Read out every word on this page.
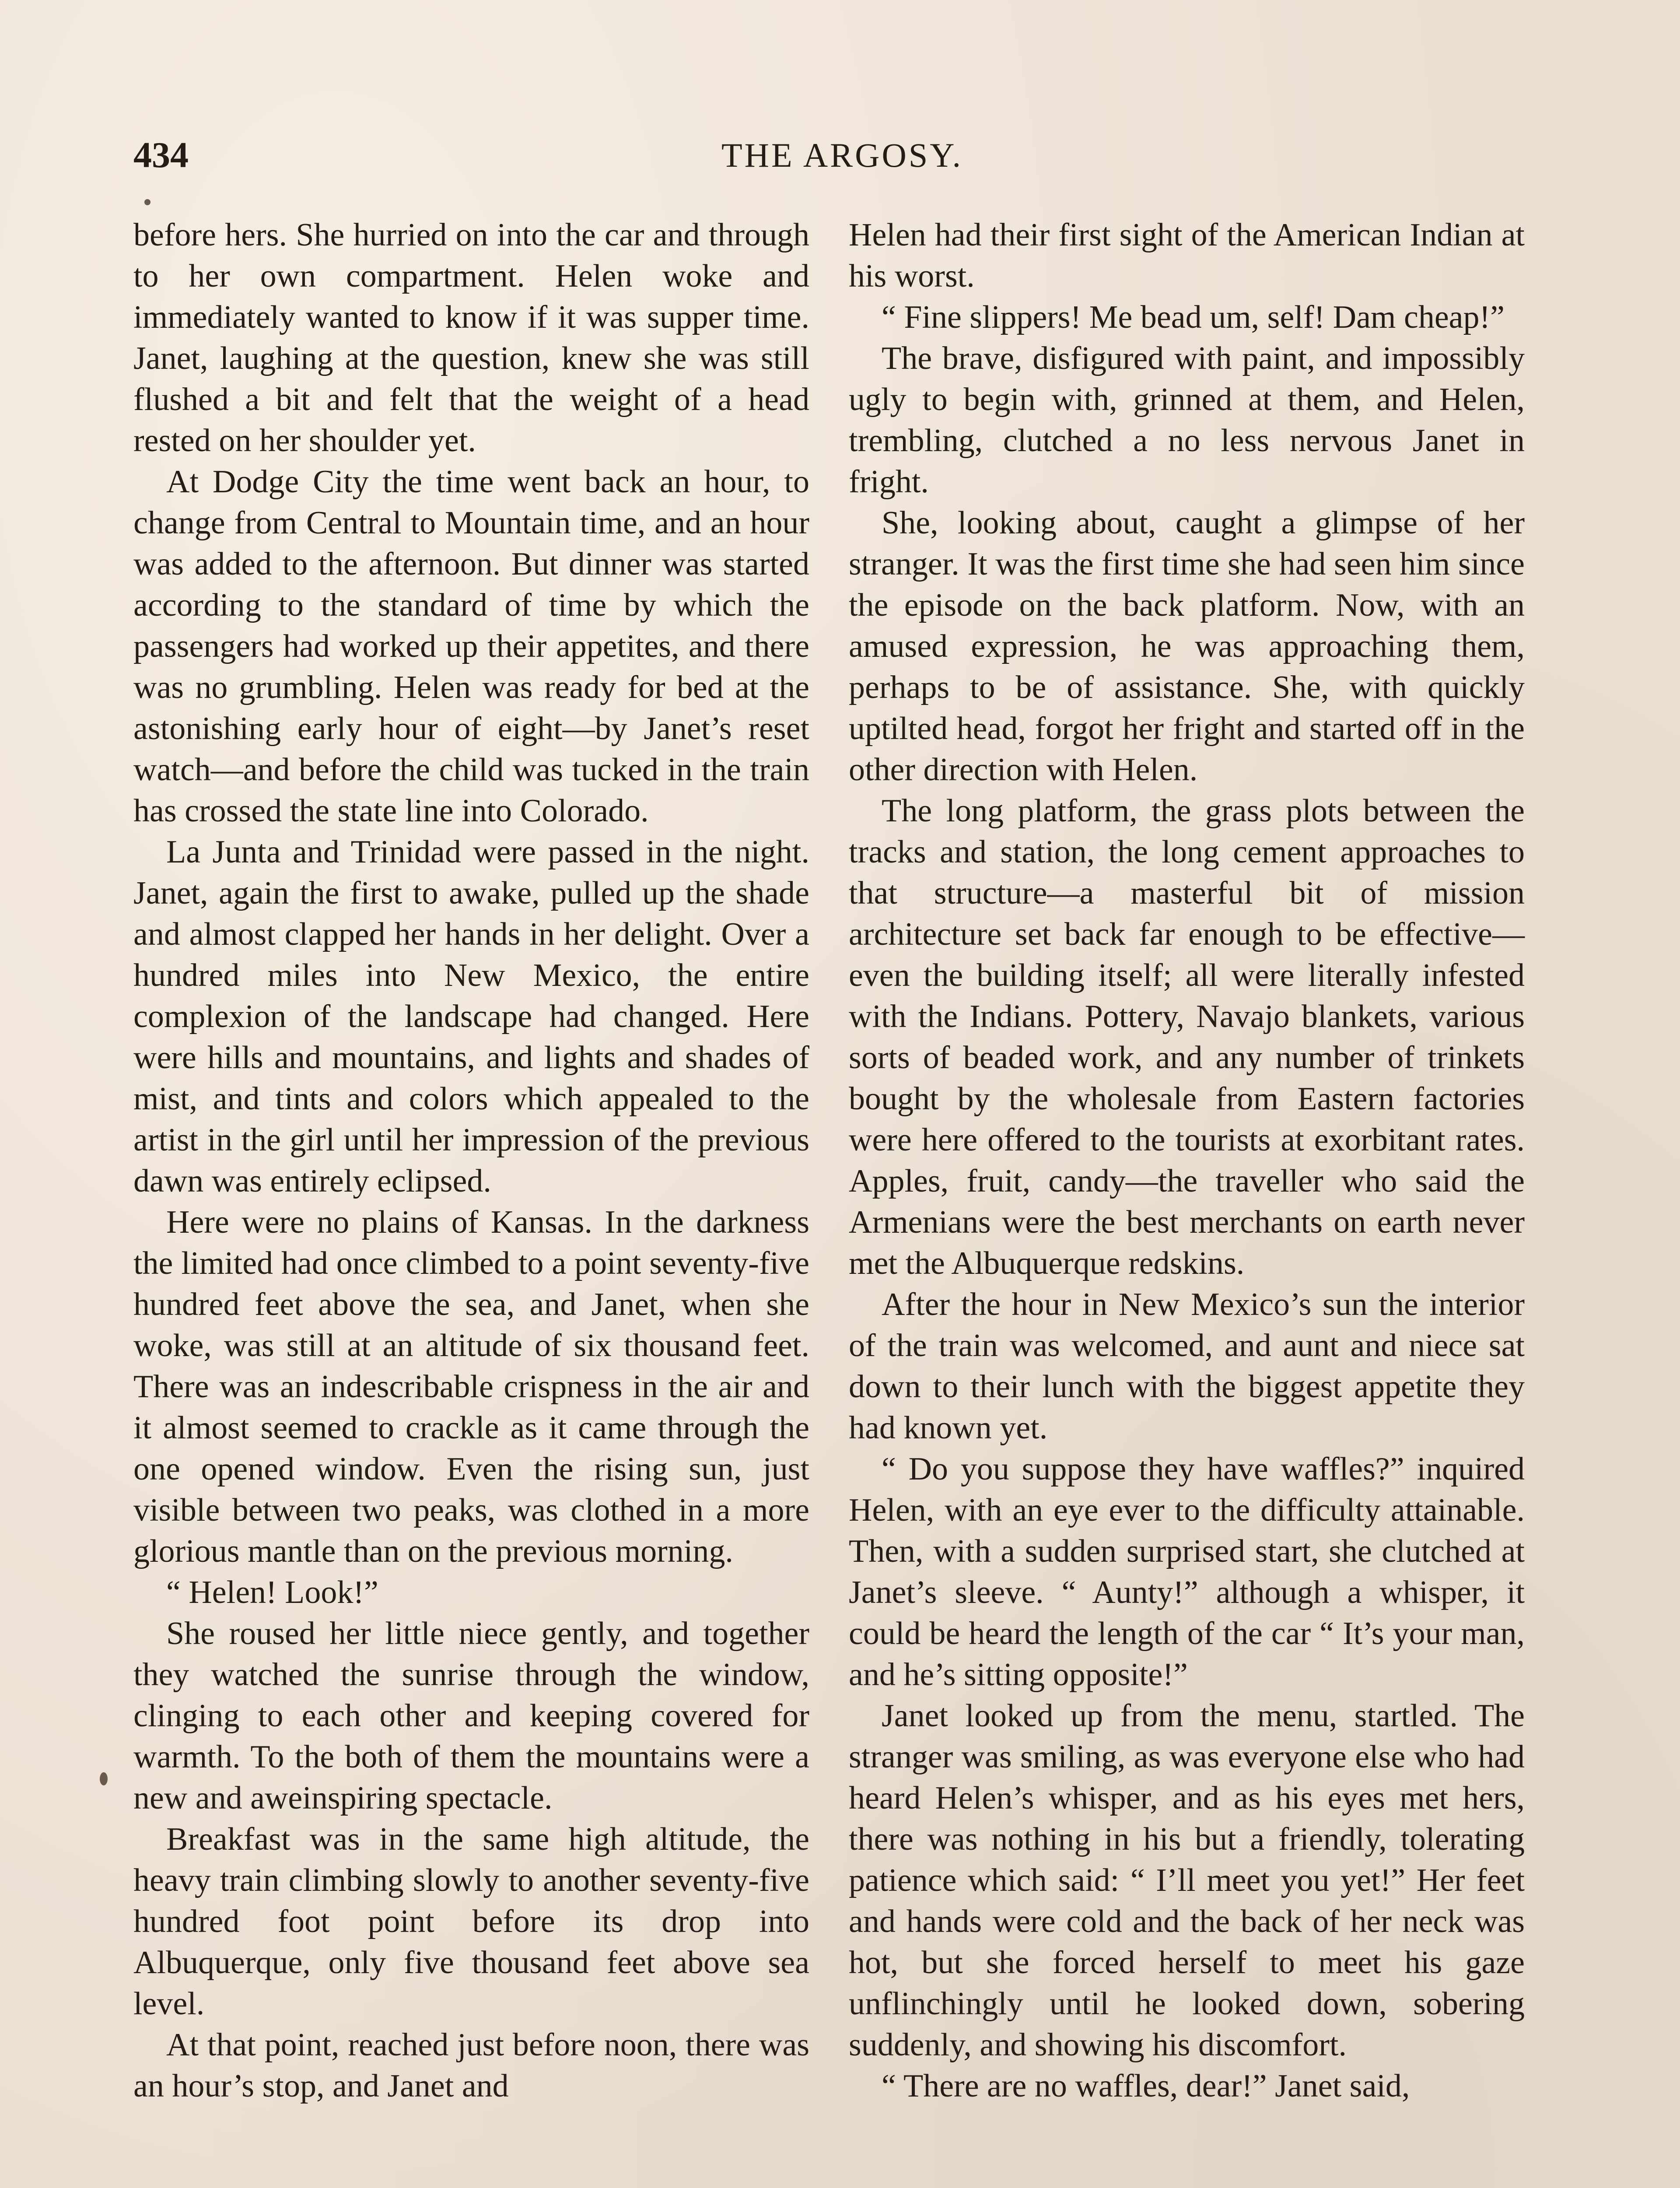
434	THE ARGOSY.

before hers. She hurried on into the car and through to her own compartment. Helen woke and immediately wanted to know if it was supper time. Janet, laughing at the question, knew she was still flushed a bit and felt that the weight of a head rested on her shoulder yet.

At Dodge City the time went back an hour, to change from Central to Mountain time, and an hour was added to the afternoon. But dinner was started according to the standard of time by which the passengers had worked up their appetites, and there was no grumbling. Helen was ready for bed at the astonishing early hour of eight—by Janet’s reset watch—and before the child was tucked in the train has crossed the state line into Colorado.

La Junta and Trinidad were passed in the night. Janet, again the first to awake, pulled up the shade and almost clapped her hands in her delight. Over a hundred miles into New Mexico, the entire complexion of the landscape had changed. Here were hills and mountains, and lights and shades of mist, and tints and colors which appealed to the artist in the girl until her impression of the previous dawn was entirely eclipsed.

Here were no plains of Kansas. In the darkness the limited had once climbed to a point seventy-five hundred feet above the sea, and Janet, when she woke, was still at an altitude of six thousand feet. There was an indescribable crispness in the air and it almost seemed to crackle as it came through the one opened window. Even the rising sun, just visible between two peaks, was clothed in a more glorious mantle than on the previous morning.

“ Helen! Look!”

She roused her little niece gently, and together they watched the sunrise through the window, clinging to each other and keeping covered for warmth. To the both of them the mountains were a new and aweinspiring spectacle.

Breakfast was in the same high altitude, the heavy train climbing slowly to another seventy-five hundred foot point before its drop into Albuquerque, only five thousand feet above sea level.

At that point, reached just before noon, there was an hour’s stop, and Janet and

Helen had their first sight of the American Indian at his worst.

“ Fine slippers! Me bead um, self! Dam cheap!”

The brave, disfigured with paint, and impossibly ugly to begin with, grinned at them, and Helen, trembling, clutched a no less nervous Janet in fright.

She, looking about, caught a glimpse of her stranger. It was the first time she had seen him since the episode on the back platform. Now, with an amused expression, he was approaching them, perhaps to be of assistance. She, with quickly uptilted head, forgot her fright and started off in the other direction with Helen.

The long platform, the grass plots between the tracks and station, the long cement approaches to that structure—a masterful bit of mission architecture set back far enough to be effective—even the building itself; all were literally infested with the Indians. Pottery, Navajo blankets, various sorts of beaded work, and any number of trinkets bought by the wholesale from Eastern factories were here offered to the tourists at exorbitant rates. Apples, fruit, candy—the traveller who said the Armenians were the best merchants on earth never met the Albuquerque redskins.

After the hour in New Mexico’s sun the interior of the train was welcomed, and aunt and niece sat down to their lunch with the biggest appetite they had known yet.

“ Do you suppose they have waffles?” inquired Helen, with an eye ever to the difficulty attainable. Then, with a sudden surprised start, she clutched at Janet’s sleeve. “ Aunty!” although a whisper, it could be heard the length of the car “ It’s your man, and he’s sitting opposite!”

Janet looked up from the menu, startled. The stranger was smiling, as was everyone else who had heard Helen’s whisper, and as his eyes met hers, there was nothing in his but a friendly, tolerating patience which said: “ I’ll meet you yet!” Her feet and hands were cold and the back of her neck was hot, but she forced herself to meet his gaze unflinchingly until he looked down, sobering suddenly, and showing his discomfort.

“ There are no waffles, dear!” Janet said,
